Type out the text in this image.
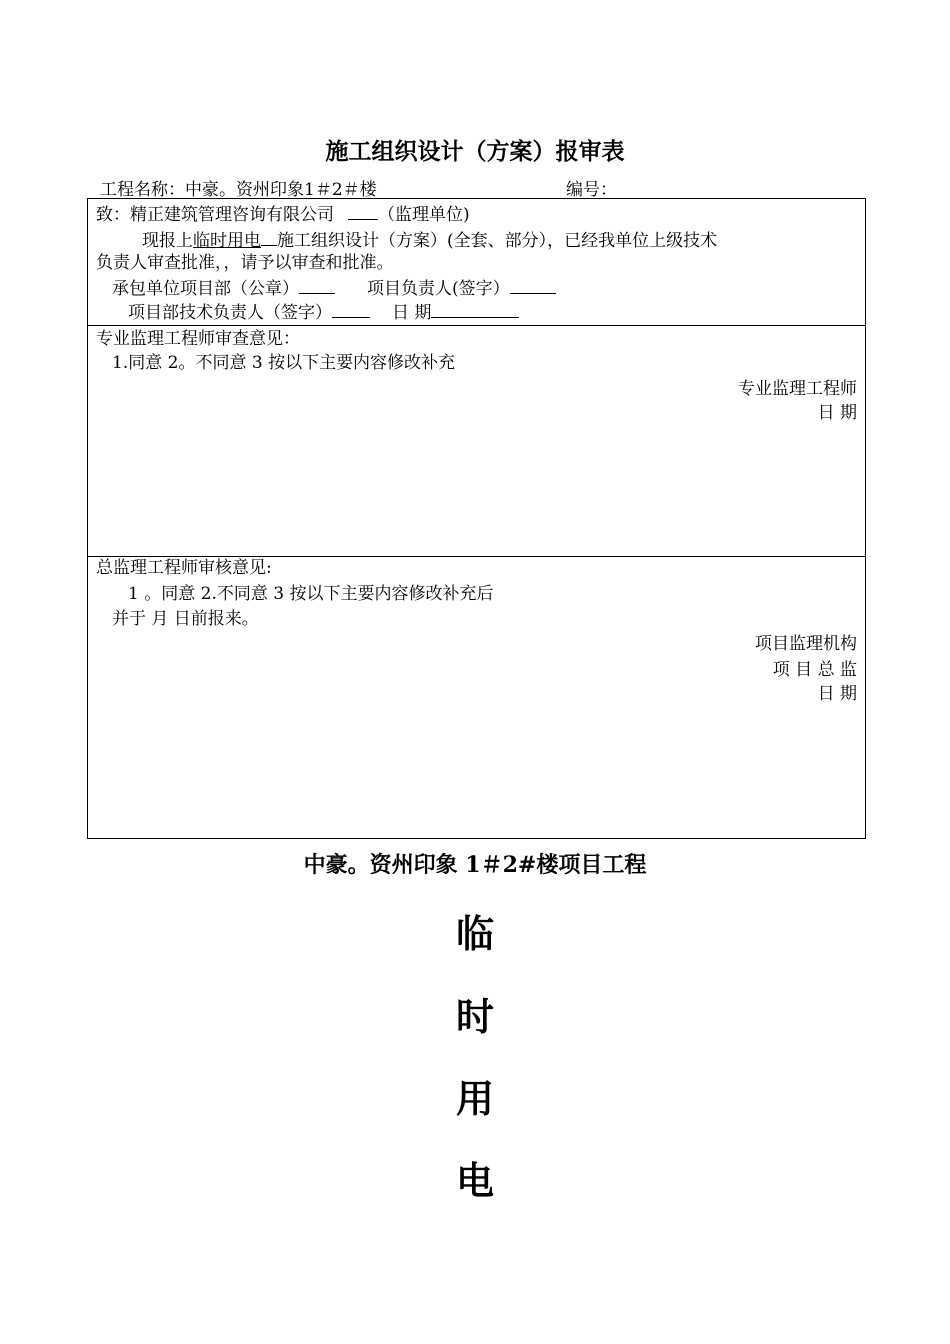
施工组织设计（方案）报审表
工程名称：中豪。资州印象1＃2＃楼	编号：
致：精正建筑管理咨询有限公司	（监理单位)
现报上临时用电 施工组织设计（方案）(全套、部分），已经我单位上级技术
负责人审查批准，，请予以审查和批准。
承包单位项目部（公章）	项目负责人(签字）
项目部技术负责人（签字）	日 期
专业监理工程师审查意见：
1.同意 2。不同意 3 按以下主要内容修改补充
专业监理工程师
日 期
总监理工程师审核意见:
1 。同意 2.不同意 3 按以下主要内容修改补充后
并于 月 日前报来。
项目监理机构
项 目 总 监
日 期
中豪。资州印象 1＃2#楼项目工程
临
时
用
电
